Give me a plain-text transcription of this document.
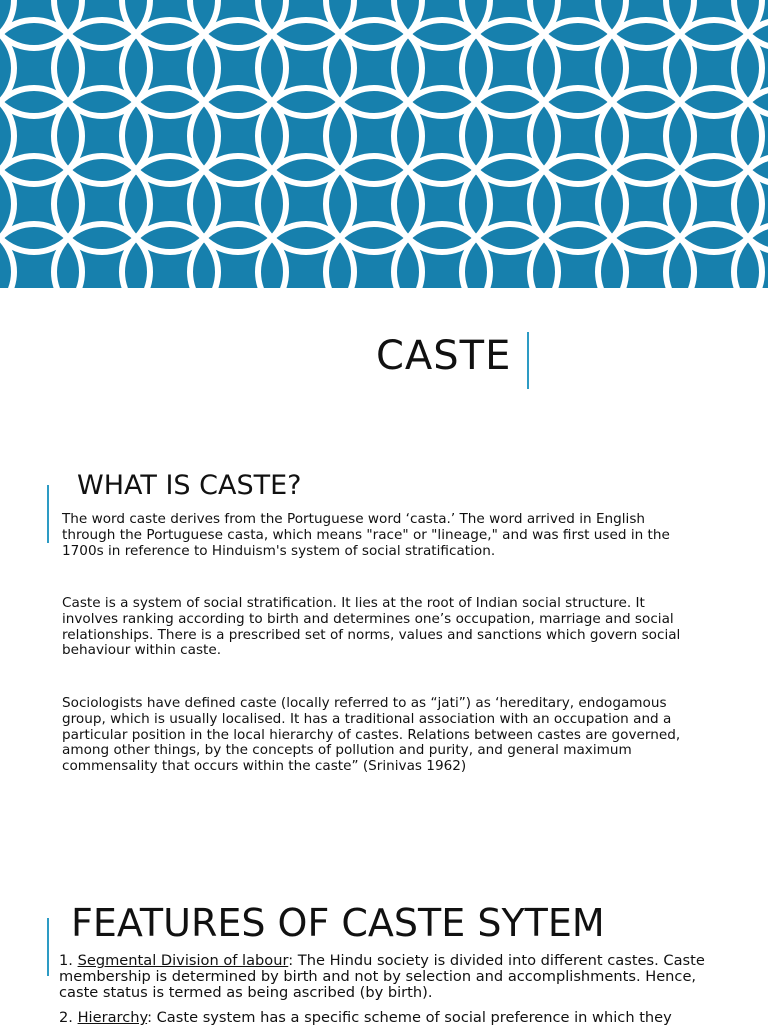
CASTE
WHAT IS CASTE?

The word caste derives from the Portuguese word ‘casta.’ The word arrived in English through the Portuguese casta, which means "race" or "lineage," and was first used in the 1700s in reference to Hinduism's system of social stratification.

Caste is a system of social stratification. It lies at the root of Indian social structure. It involves ranking according to birth and determines one’s occupation, marriage and social relationships. There is a prescribed set of norms, values and sanctions which govern social behaviour within caste.

Sociologists have defined caste (locally referred to as “jati”) as ‘hereditary, endogamous group, which is usually localised. It has a traditional association with an occupation and a particular position in the local hierarchy of castes. Relations between castes are governed, among other things, by the concepts of pollution and purity, and general maximum commensality that occurs within the caste” (Srinivas 1962)

FEATURES OF CASTE SYTEM

1. Segmental Division of labour: The Hindu society is divided into different castes. Caste membership is determined by birth and not by selection and accomplishments. Hence, caste status is termed as being ascribed (by birth).

2. Hierarchy: Caste system has a specific scheme of social preference in which they
